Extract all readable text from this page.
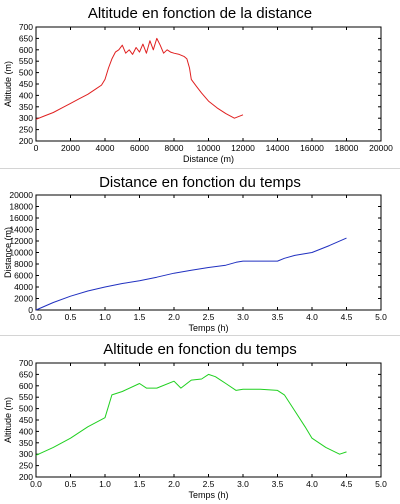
Altitude en fonction de la distance
200
250
300
350
400
450
500
550
600
650
700
0	2000 4000 6000 8000 10000 12000 14000 16000 18000 20000
Distance (m)
Altitude (m)
Distance en fonction du temps
0
2000
4000
6000
8000
10000
12000
14000
16000
18000
20000
0.0	0.5	1.0	1.5	2.0	2.5	3.0	3.5	4.0	4.5	5.0
Temps (h)
Distance (m)
Altitude en fonction du temps
200
250
300
350
400
450
500
550
600
650
700
0.0	0.5	1.0	1.5	2.0	2.5	3.0	3.5	4.0	4.5	5.0
Temps (h)
Altitude (m)
